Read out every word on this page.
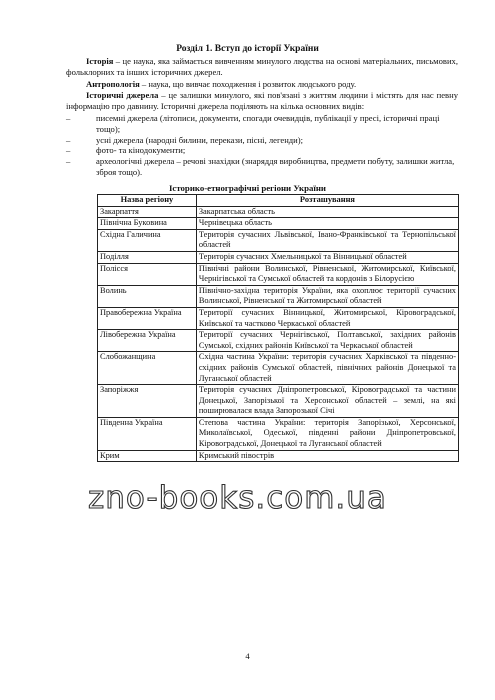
Розділ 1. Вступ до історії України
Історія – це наука, яка займається вивченням минулого людства на основі матеріальних, письмових, фольклорних та інших історичних джерел.
Антропологія – наука, що вивчає походження і розвиток людського роду.
Історичні джерела – це залишки минулого, які пов'язані з життям людини і містять для нас певну інформацію про давнину. Історичні джерела поділяють на кілька основних видів:
–	писемні джерела (літописи, документи, спогади очевидців, публікації у пресі, історичні праці тощо);
–	усні джерела (народні билини, перекази, пісні, легенди);
–	фото- та кінодокументи;
–	археологічні джерела – речові знахідки (знаряддя виробництва, предмети побуту, залишки житла, зброя тощо).
Історико-етнографічні регіони України
Назва регіону	Розташування
Закарпаття	Закарпатська область
Північна Буковина	Чернівецька область
Східна Галичина	Територія сучасних Львівської, Івано-Франківської та Тернопільської областей
Поділля	Територія сучасних Хмельницької та Вінницької областей
Полісся	Північні райони Волинської, Рівненської, Житомирської, Київської, Чернігівської та Сумської областей та кордонів з Білорусією
Волинь	Північно-західна територія України, яка охоплює території сучасних Волинської, Рівненської та Житомирської областей
Правобережна Україна	Території сучасних Вінницької, Житомирської, Кіровоградської, Київської та частково Черкаської областей
Лівобережна Україна	Території сучасних Чернігівської, Полтавської, західних районів Сумської, східних районів Київської та Черкаської областей
Слобожанщина	Східна частина України: територія сучасних Харківської та південно-східних районів Сумської областей, північних районів Донецької та Луганської областей
Запоріжжя	Територія сучасних Дніпропетровської, Кіровоградської та частини Донецької, Запорізької та Херсонської областей – землі, на які поширювалася влада Запорозької Січі
Південна Україна	Степова частина України: територія Запорізької, Херсонської, Миколаївської, Одеської, південні райони Дніпропетровської, Кіровоградської, Донецької та Луганської областей
Крим	Кримський півострів
zno-books.com.ua
4
